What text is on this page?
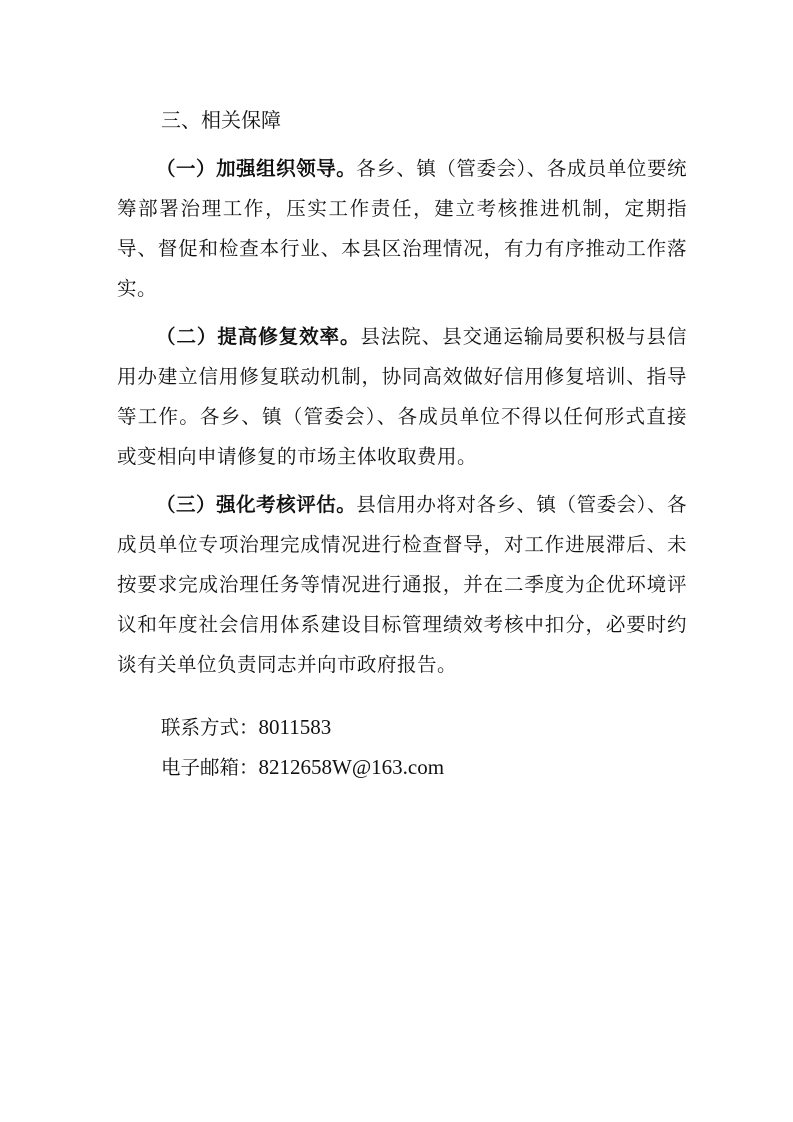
三、相关保障

（一）加强组织领导。各乡、镇（管委会）、各成员单位要统筹部署治理工作，压实工作责任，建立考核推进机制，定期指导、督促和检查本行业、本县区治理情况，有力有序推动工作落实。

（二）提高修复效率。县法院、县交通运输局要积极与县信用办建立信用修复联动机制，协同高效做好信用修复培训、指导等工作。各乡、镇（管委会）、各成员单位不得以任何形式直接或变相向申请修复的市场主体收取费用。

（三）强化考核评估。县信用办将对各乡、镇（管委会）、各成员单位专项治理完成情况进行检查督导，对工作进展滞后、未按要求完成治理任务等情况进行通报，并在二季度为企优环境评议和年度社会信用体系建设目标管理绩效考核中扣分，必要时约谈有关单位负责同志并向市政府报告。

联系方式：8011583
电子邮箱：8212658W@163.com
